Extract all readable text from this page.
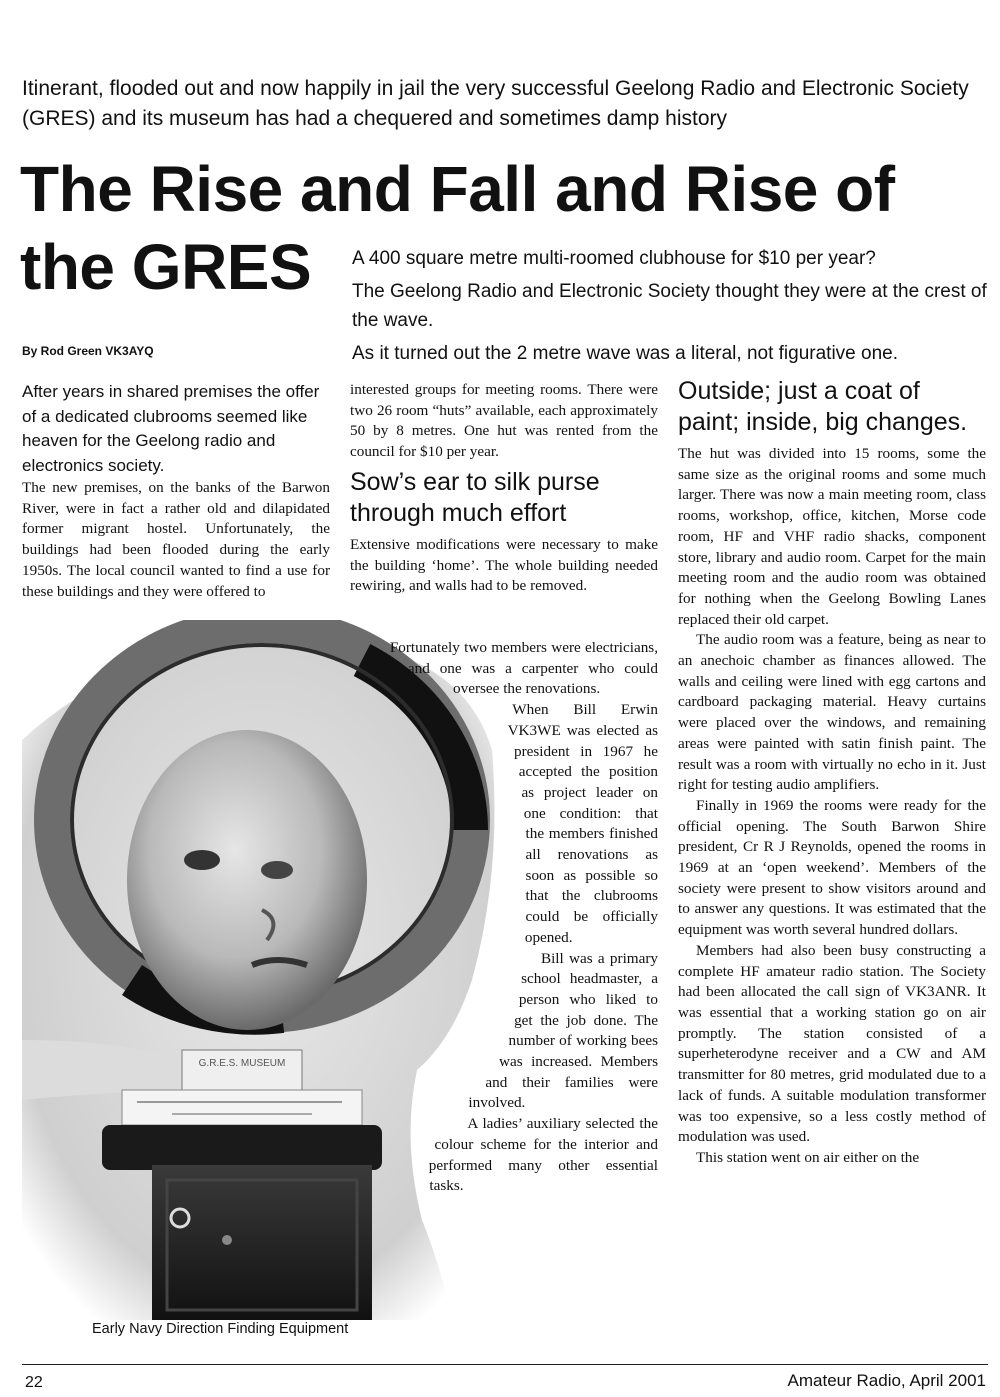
Itinerant, flooded out and now happily in jail the very successful Geelong Radio and Electronic Society (GRES) and its museum has had a chequered and sometimes damp history
The Rise and Fall and Rise of
the GRES	A 400 square metre multi-roomed clubhouse for $10 per year?

The Geelong Radio and Electronic Society thought they were at the crest of the wave.

As it turned out the 2 metre wave was a literal, not figurative one.

By Rod Green VK3AYQ

After years in shared premises the offer of a dedicated clubrooms seemed like heaven for the Geelong radio and electronics society.

The new premises, on the banks of the Barwon River, were in fact a rather old and dilapidated former migrant hostel. Unfortunately, the buildings had been flooded during the early 1950s. The local council wanted to find a use for these buildings and they were offered to

interested groups for meeting rooms. There were two 26 room “huts” available, each approximately 50 by 8 metres. One hut was rented from the council for $10 per year.

Sow’s ear to silk purse through much effort

Extensive modifications were necessary to make the building ‘home’. The whole building needed rewiring, and walls had to be removed.

G.R.E.S. MUSEUM

Fortunately two members were electricians, and one was a carpenter who could oversee the renovations.

When Bill Erwin VK3WE was elected as president in 1967 he accepted the position as project leader on one condition: that the members finished all renovations as soon as possible so that the clubrooms could be officially opened.

Bill was a primary school headmaster, a person who liked to get the job done. The number of working bees was increased. Members and their families were involved.

A ladies’ auxiliary selected the colour scheme for the interior and performed many other essential tasks.

Outside; just a coat of paint; inside, big changes.

The hut was divided into 15 rooms, some the same size as the original rooms and some much larger. There was now a main meeting room, class rooms, workshop, office, kitchen, Morse code room, HF and VHF radio shacks, component store, library and audio room. Carpet for the main meeting room and the audio room was obtained for nothing when the Geelong Bowling Lanes replaced their old carpet.

The audio room was a feature, being as near to an anechoic chamber as finances allowed. The walls and ceiling were lined with egg cartons and cardboard packaging material. Heavy curtains were placed over the windows, and remaining areas were painted with satin finish paint. The result was a room with virtually no echo in it. Just right for testing audio amplifiers.

Finally in 1969 the rooms were ready for the official opening. The South Barwon Shire president, Cr R J Reynolds, opened the rooms in 1969 at an ‘open weekend’. Members of the society were present to show visitors around and to answer any questions. It was estimated that the equipment was worth several hundred dollars.

Members had also been busy constructing a complete HF amateur radio station. The Society had been allocated the call sign of VK3ANR. It was essential that a working station go on air promptly. The station consisted of a superheterodyne receiver and a CW and AM transmitter for 80 metres, grid modulated due to a lack of funds. A suitable modulation transformer was too expensive, so a less costly method of modulation was used.

This station went on air either on the

Early Navy Direction Finding Equipment
22	Amateur Radio, April 2001
